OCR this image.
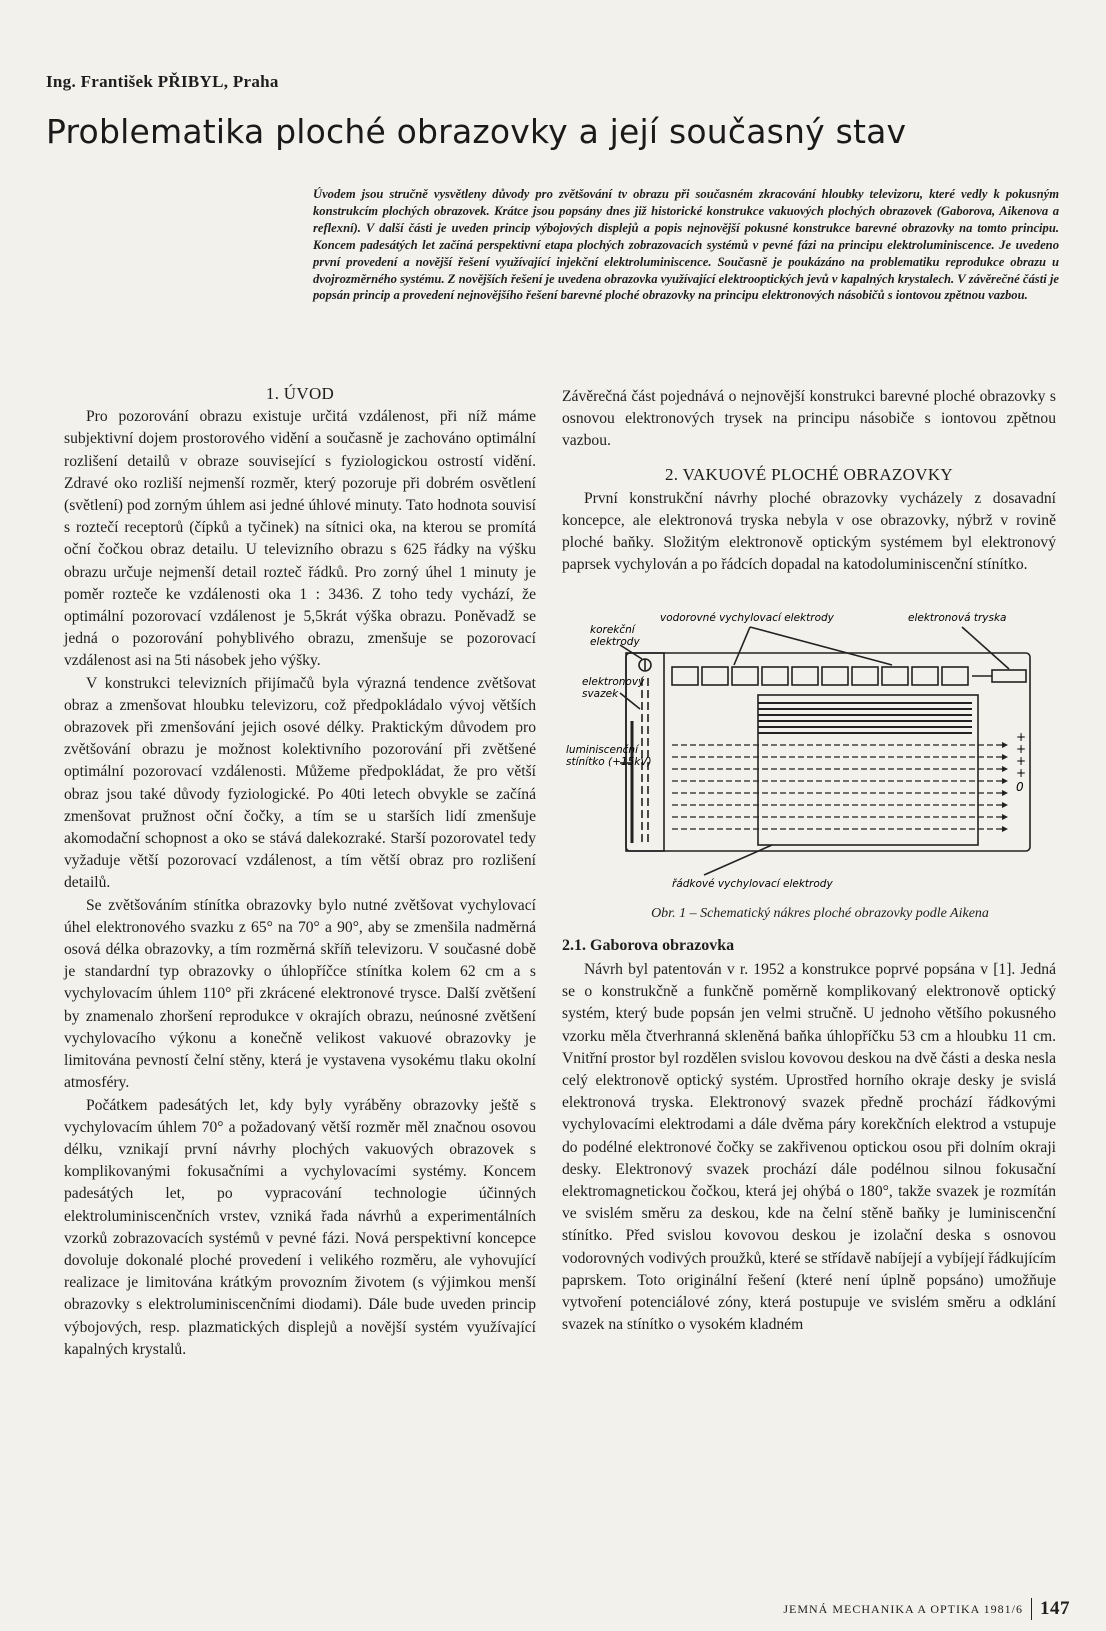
Ing. František PŘIBYL, Praha
Problematika ploché obrazovky a její současný stav

Úvodem jsou stručně vysvětleny důvody pro zvětšování tv obrazu při současném zkracování hloubky televizoru, které vedly k pokusným konstrukcím plochých obrazovek. Krátce jsou popsány dnes již historické konstrukce vakuových plochých obrazovek (Gaborova, Aikenova a reflexní). V další části je uveden princip výbojových displejů a popis nejnovější pokusné konstrukce barevné obrazovky na tomto principu. Koncem padesátých let začíná perspektivní etapa plochých zobrazovacích systémů v pevné fázi na principu elektroluminiscence. Je uvedeno první provedení a novější řešení využívající injekční elektroluminiscence. Současně je poukázáno na problematiku reprodukce obrazu u dvojrozměrného systému. Z novějších řešení je uvedena obrazovka využívající elektrooptických jevů v kapalných krystalech. V závěrečné části je popsán princip a provedení nejnovějšího řešení barevné ploché obrazovky na principu elektronových násobičů s iontovou zpětnou vazbou.

1. ÚVOD

Pro pozorování obrazu existuje určitá vzdálenost, při níž máme subjektivní dojem prostorového vidění a současně je zachováno optimální rozlišení detailů v obraze související s fyziologickou ostrostí vidění. Zdravé oko rozliší nejmenší rozměr, který pozoruje při dobrém osvětlení (světlení) pod zorným úhlem asi jedné úhlové minuty. Tato hodnota souvisí s roztečí receptorů (čípků a tyčinek) na sítnici oka, na kterou se promítá oční čočkou obraz detailu. U televizního obrazu s 625 řádky na výšku obrazu určuje nejmenší detail rozteč řádků. Pro zorný úhel 1 minuty je poměr rozteče ke vzdálenosti oka 1 : 3436. Z toho tedy vychází, že optimální pozorovací vzdálenost je 5,5krát výška obrazu. Poněvadž se jedná o pozorování pohyblivého obrazu, zmenšuje se pozorovací vzdálenost asi na 5ti násobek jeho výšky.

V konstrukci televizních přijímačů byla výrazná tendence zvětšovat obraz a zmenšovat hloubku televizoru, což předpokládalo vývoj větších obrazovek při zmenšování jejich osové délky. Praktickým důvodem pro zvětšování obrazu je možnost kolektivního pozorování při zvětšené optimální pozorovací vzdálenosti. Můžeme předpokládat, že pro větší obraz jsou také důvody fyziologické. Po 40ti letech obvykle se začíná zmenšovat pružnost oční čočky, a tím se u starších lidí zmenšuje akomodační schopnost a oko se stává dalekozraké. Starší pozorovatel tedy vyžaduje větší pozorovací vzdálenost, a tím větší obraz pro rozlišení detailů.

Se zvětšováním stínítka obrazovky bylo nutné zvětšovat vychylovací úhel elektronového svazku z 65° na 70° a 90°, aby se zmenšila nadměrná osová délka obrazovky, a tím rozměrná skříň televizoru. V současné době je standardní typ obrazovky o úhlopříčce stínítka kolem 62 cm a s vychylovacím úhlem 110° při zkrácené elektronové trysce. Další zvětšení by znamenalo zhoršení reprodukce v okrajích obrazu, neúnosné zvětšení vychylovacího výkonu a konečně velikost vakuové obrazovky je limitována pevností čelní stěny, která je vystavena vysokému tlaku okolní atmosféry.

Počátkem padesátých let, kdy byly vyráběny obrazovky ještě s vychylovacím úhlem 70° a požadovaný větší rozměr měl značnou osovou délku, vznikají první návrhy plochých vakuových obrazovek s komplikovanými fokusačními a vychylovacími systémy. Koncem padesátých let, po vypracování technologie účinných elektroluminiscenčních vrstev, vzniká řada návrhů a experimentálních vzorků zobrazovacích systémů v pevné fázi. Nová perspektivní koncepce dovoluje dokonalé ploché provedení i velikého rozměru, ale vyhovující realizace je limitována krátkým provozním životem (s výjimkou menší obrazovky s elektroluminiscenčními diodami). Dále bude uveden princip výbojových, resp. plazmatických displejů a novější systém využívající kapalných krystalů.

Závěrečná část pojednává o nejnovější konstrukci barevné ploché obrazovky s osnovou elektronových trysek na principu násobiče s iontovou zpětnou vazbou.

2. VAKUOVÉ PLOCHÉ OBRAZOVKY

První konstrukční návrhy ploché obrazovky vycházely z dosavadní koncepce, ale elektronová tryska nebyla v ose obrazovky, nýbrž v rovině ploché baňky. Složitým elektronově optickým systémem byl elektronový paprsek vychylován a po řádcích dopadal na katodoluminiscenční stínítko.

vodorovné vychylovací elektrody	elektronová tryska
korekční
elektrody
elektronový
svazek
luminiscenční
stínítko (+15kV)
řádkové vychylovací elektrody
+
+
+
+
0

Obr. 1 – Schematický nákres ploché obrazovky podle Aikena

2.1. Gaborova obrazovka

Návrh byl patentován v r. 1952 a konstrukce poprvé popsána v [1]. Jedná se o konstrukčně a funkčně poměrně komplikovaný elektronově optický systém, který bude popsán jen velmi stručně. U jednoho většího pokusného vzorku měla čtverhranná skleněná baňka úhlopříčku 53 cm a hloubku 11 cm. Vnitřní prostor byl rozdělen svislou kovovou deskou na dvě části a deska nesla celý elektronově optický systém. Uprostřed horního okraje desky je svislá elektronová tryska. Elektronový svazek předně prochází řádkovými vychylovacími elektrodami a dále dvěma páry korekčních elektrod a vstupuje do podélné elektronové čočky se zakřivenou optickou osou při dolním okraji desky. Elektronový svazek prochází dále podélnou silnou fokusační elektromagnetickou čočkou, která jej ohýbá o 180°, takže svazek je rozmítán ve svislém směru za deskou, kde na čelní stěně baňky je luminiscenční stínítko. Před svislou kovovou deskou je izolační deska s osnovou vodorovných vodivých proužků, které se střídavě nabíjejí a vybíjejí řádkujícím paprskem. Toto originální řešení (které není úplně popsáno) umožňuje vytvoření potenciálové zóny, která postupuje ve svislém směru a odklání svazek na stínítko o vysokém kladném

JEMNÁ MECHANIKA A OPTIKA 1981/6 147
